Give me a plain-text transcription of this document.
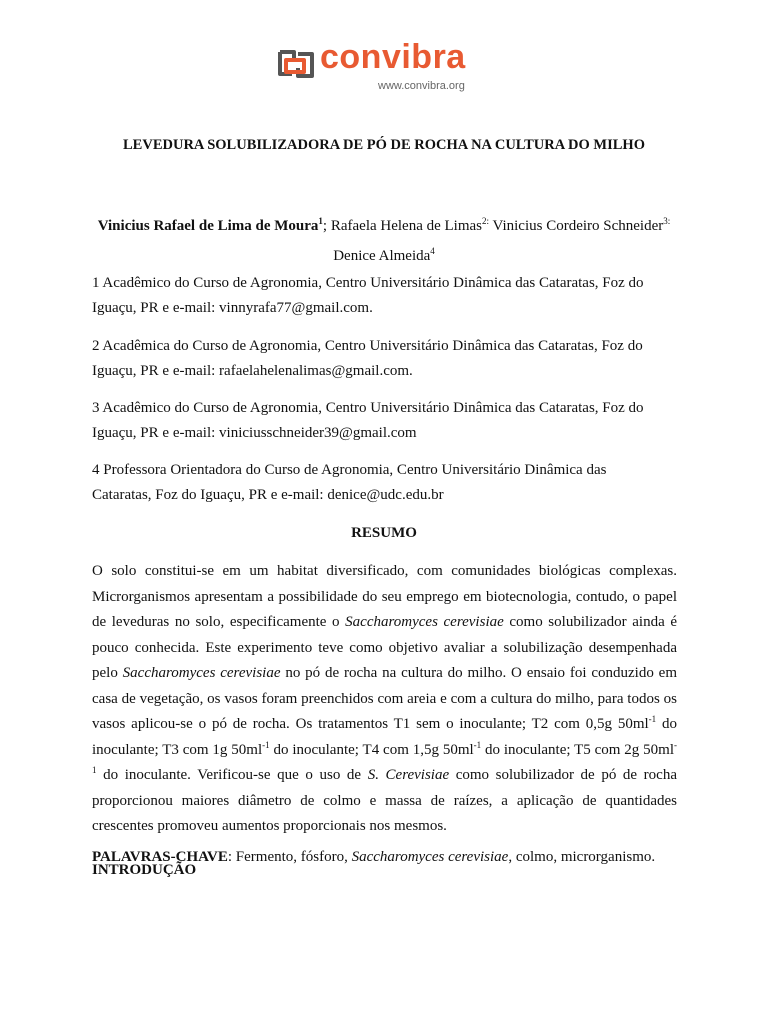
convibra
www.convibra.org
LEVEDURA SOLUBILIZADORA DE PÓ DE ROCHA NA CULTURA DO MILHO
Vinicius Rafael de Lima de Moura$^1$; Rafaela Helena de Limas$^{2:}$ Vinicius Cordeiro Schneider$^{3:}$ Denice Almeida$^4$
1 Acadêmico do Curso de Agronomia, Centro Universitário Dinâmica das Cataratas, Foz do
Iguaçu, PR e e-mail: vinnyrafa77@gmail.com.
2 Acadêmica do Curso de Agronomia, Centro Universitário Dinâmica das Cataratas, Foz do
Iguaçu, PR e e-mail: rafaelahelenalimas@gmail.com.
3 Acadêmico do Curso de Agronomia, Centro Universitário Dinâmica das Cataratas, Foz do
Iguaçu, PR e e-mail: viniciusschneider39@gmail.com
4 Professora Orientadora do Curso de Agronomia, Centro Universitário Dinâmica das
Cataratas, Foz do Iguaçu, PR e e-mail: denice@udc.edu.br
RESUMO
O solo constitui-se em um habitat diversificado, com comunidades biológicas complexas. Microrganismos apresentam a possibilidade do seu emprego em biotecnologia, contudo, o papel de leveduras no solo, especificamente o Saccharomyces cerevisiae como solubilizador ainda é pouco conhecida. Este experimento teve como objetivo avaliar a solubilização desempenhada pelo Saccharomyces cerevisiae no pó de rocha na cultura do milho. O ensaio foi conduzido em casa de vegetação, os vasos foram preenchidos com areia e com a cultura do milho, para todos os vasos aplicou-se o pó de rocha. Os tratamentos T1 sem o inoculante; T2 com 0,5g $50ml^{-1}$ do inoculante; T3 com 1g $50ml^{-1}$ do inoculante; T4 com 1,5g $50ml^{-1}$ do inoculante; T5 com 2g $50ml^{-1}$ do inoculante. Verificou-se que o uso de S. Cerevisiae como solubilizador de pó de rocha proporcionou maiores diâmetro de colmo e massa de raízes, a aplicação de quantidades crescentes promoveu aumentos proporcionais nos mesmos.
PALAVRAS-CHAVE: Fermento, fósforo, Saccharomyces cerevisiae, colmo, microrganismo.
INTRODUÇÃO
